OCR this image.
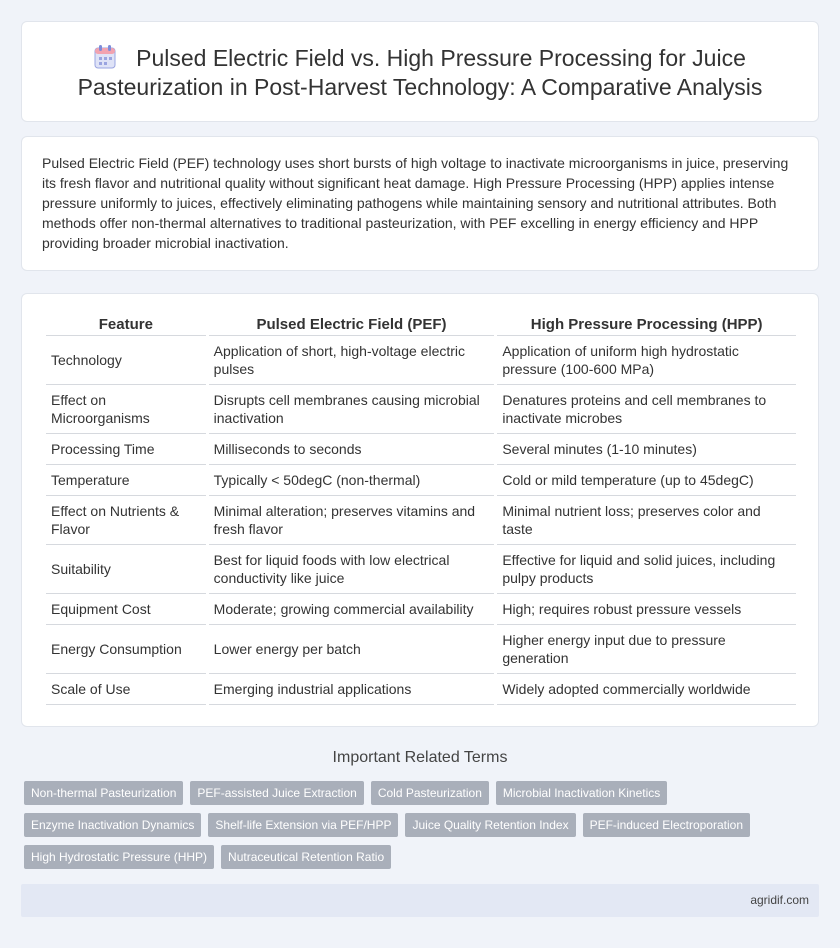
Pulsed Electric Field vs. High Pressure Processing for Juice Pasteurization in Post-Harvest Technology: A Comparative Analysis

Pulsed Electric Field (PEF) technology uses short bursts of high voltage to inactivate microorganisms in juice, preserving its fresh flavor and nutritional quality without significant heat damage. High Pressure Processing (HPP) applies intense pressure uniformly to juices, effectively eliminating pathogens while maintaining sensory and nutritional attributes. Both methods offer non-thermal alternatives to traditional pasteurization, with PEF excelling in energy efficiency and HPP providing broader microbial inactivation.

Feature	Pulsed Electric Field (PEF)	High Pressure Processing (HPP)
Technology	Application of short, high-voltage electric pulses	Application of uniform high hydrostatic pressure (100-600 MPa)
Effect on Microorganisms	Disrupts cell membranes causing microbial inactivation	Denatures proteins and cell membranes to inactivate microbes
Processing Time	Milliseconds to seconds	Several minutes (1-10 minutes)
Temperature	Typically < 50degC (non-thermal)	Cold or mild temperature (up to 45degC)
Effect on Nutrients & Flavor	Minimal alteration; preserves vitamins and fresh flavor	Minimal nutrient loss; preserves color and taste
Suitability	Best for liquid foods with low electrical conductivity like juice	Effective for liquid and solid juices, including pulpy products
Equipment Cost	Moderate; growing commercial availability	High; requires robust pressure vessels
Energy Consumption	Lower energy per batch	Higher energy input due to pressure generation
Scale of Use	Emerging industrial applications	Widely adopted commercially worldwide
Important Related Terms
Non-thermal Pasteurization	PEF-assisted Juice Extraction	Cold Pasteurization	Microbial Inactivation Kinetics
Enzyme Inactivation Dynamics	Shelf-life Extension via PEF/HPP	Juice Quality Retention Index	PEF-induced Electroporation
High Hydrostatic Pressure (HHP)	Nutraceutical Retention Ratio
agridif.com
